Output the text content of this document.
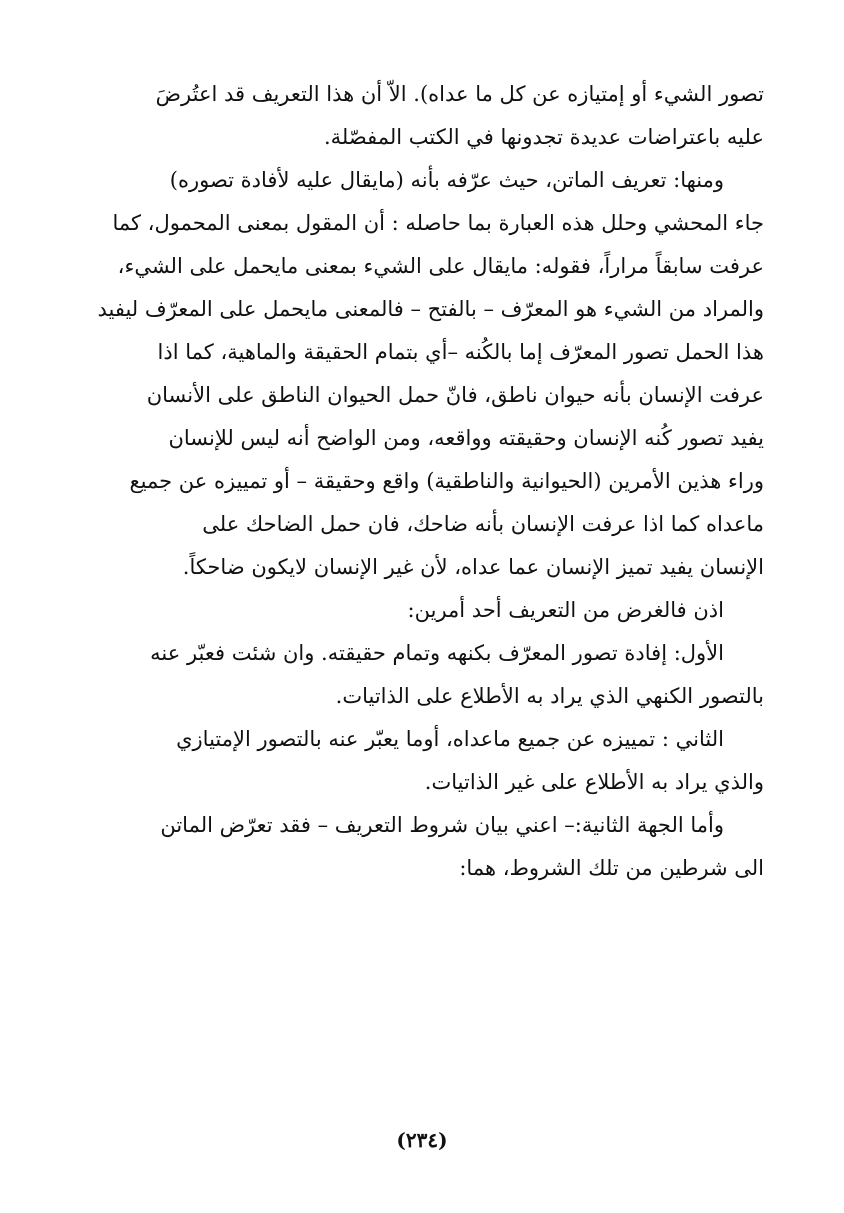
تصور الشيء أو إمتيازه عن كل ما عداه). الاّ أن هذا التعريف قد اعتُرضَ
عليه باعتراضات عديدة تجدونها في الكتب المفصّلة.
ومنها: تعريف الماتن، حيث عرّفه بأنه (مايقال عليه لأفادة تصوره)
جاء المحشي وحلل هذه العبارة بما حاصله : أن المقول بمعنى المحمول، كما
عرفت سابقاً مراراً، فقوله: مايقال على الشيء بمعنى مايحمل على الشيء،
والمراد من الشيء هو المعرّف – بالفتح – فالمعنى مايحمل على المعرّف ليفيد
هذا الحمل تصور المعرّف إما بالكُنه –أي بتمام الحقيقة والماهية، كما اذا
عرفت الإنسان بأنه حيوان ناطق، فانّ حمل الحيوان الناطق على الأنسان
يفيد تصور كُنه الإنسان وحقيقته وواقعه، ومن الواضح أنه ليس للإنسان
وراء هذين الأمرين (الحيوانية والناطقية) واقع وحقيقة – أو تمييزه عن جميع
ماعداه كما اذا عرفت الإنسان بأنه ضاحك، فان حمل الضاحك على
الإنسان يفيد تميز الإنسان عما عداه، لأن غير الإنسان لايكون ضاحكاً.
اذن فالغرض من التعريف أحد أمرين:
الأول: إفادة تصور المعرّف بكنهه وتمام حقيقته. وان شئت فعبّر عنه
بالتصور الكنهي الذي يراد به الأطلاع على الذاتيات.
الثاني : تمييزه عن جميع ماعداه، أوما يعبّر عنه بالتصور الإمتيازي
والذي يراد به الأطلاع على غير الذاتيات.
وأما الجهة الثانية:– اعني بيان شروط التعريف – فقد تعرّض الماتن
الى شرطين من تلك الشروط، هما:
(٢٣٤)
